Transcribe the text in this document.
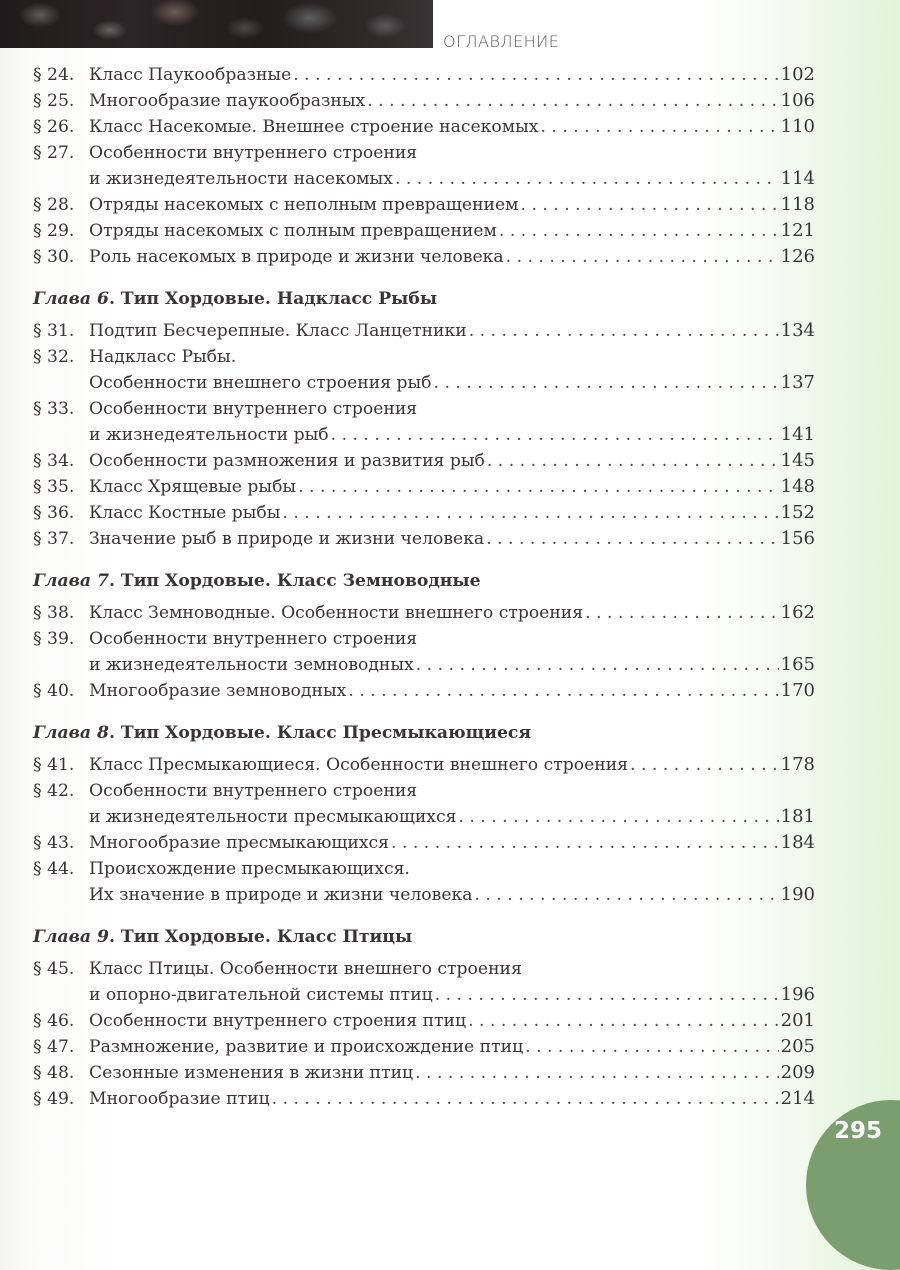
ОГЛАВЛЕНИЕ
§ 24. Класс Паукообразные . . .	102
§ 25. Многообразие паукообразных . . .	106
§ 26. Класс Насекомые. Внешнее строение насекомых . . .	110
§ 27. Особенности внутреннего строения
и жизнедеятельности насекомых . . .	114
§ 28. Отряды насекомых с неполным превращением . . .	118
§ 29. Отряды насекомых с полным превращением . . .	121
§ 30. Роль насекомых в природе и жизни человека . . .	126
Глава 6. Тип Хордовые. Надкласс Рыбы
§ 31. Подтип Бесчерепные. Класс Ланцетники . . .	134
§ 32. Надкласс Рыбы.
Особенности внешнего строения рыб . . .	137
§ 33. Особенности внутреннего строения
и жизнедеятельности рыб . . .	141
§ 34. Особенности размножения и развития рыб . . .	145
§ 35. Класс Хрящевые рыбы . . .	148
§ 36. Класс Костные рыбы . . .	152
§ 37. Значение рыб в природе и жизни человека . . .	156
Глава 7. Тип Хордовые. Класс Земноводные
§ 38. Класс Земноводные. Особенности внешнего строения . . .	162
§ 39. Особенности внутреннего строения
и жизнедеятельности земноводных . . .	165
§ 40. Многообразие земноводных . . .	170
Глава 8. Тип Хордовые. Класс Пресмыкающиеся
§ 41. Класс Пресмыкающиеся. Особенности внешнего строения . . .	178
§ 42. Особенности внутреннего строения
и жизнедеятельности пресмыкающихся . . .	181
§ 43. Многообразие пресмыкающихся . . .	184
§ 44. Происхождение пресмыкающихся.
Их значение в природе и жизни человека . . .	190
Глава 9. Тип Хордовые. Класс Птицы
§ 45. Класс Птицы. Особенности внешнего строения
и опорно-двигательной системы птиц . . .	196
§ 46. Особенности внутреннего строения птиц . . .	201
§ 47. Размножение, развитие и происхождение птиц . . .	205
§ 48. Сезонные изменения в жизни птиц . . .	209
§ 49. Многообразие птиц . . .	214
295
